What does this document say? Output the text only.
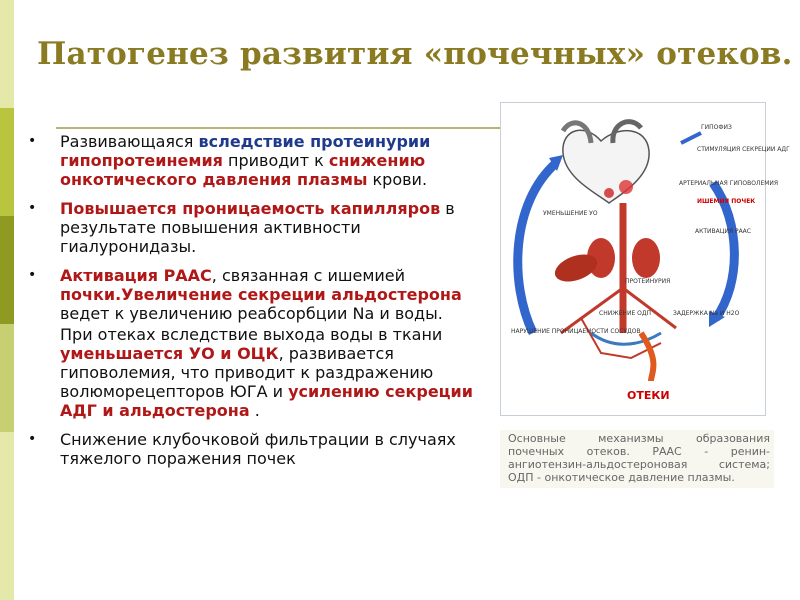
Патогенез развития «почечных» отеков.
•	Развивающаяся вследствие протеинурии гипопротеинемия приводит к снижению онкотического давления плазмы крови.
•	Повышается проницаемость капилляров в результате повышения активности гиалуронидазы.
•	Активация РААС, связанная с ишемией почки.Увеличение секреции альдостерона ведет к увеличению реабсорбции Na и воды.
При отеках вследствие выхода воды в ткани уменьшается УО и ОЦК, развивается гиповолемия, что приводит к раздражению волюморецепторов ЮГА и усилению секреции АДГ и альдостерона .
•	Снижение клубочковой фильтрации в случаях тяжелого поражения почек
ГИПОФИЗ
СТИМУЛЯЦИЯ СЕКРЕЦИИ АДГ
АРТЕРИАЛЬНАЯ ГИПОВОЛЕМИЯ
ИШЕМИЯ ПОЧЕК
УМЕНЬШЕНИЕ УО
АКТИВАЦИЯ РААС
ПРОТЕИНУРИЯ
СНИЖЕНИЕ ОДП	ЗАДЕРЖКА Na И H2O
НАРУШЕНИЕ ПРОНИЦАЕМОСТИ СОСУДОВ
ОТЕКИ

Основные механизмы образования почечных отеков. РААС - ренин-ангиотензин-альдостероновая система; ОДП - онкотическое давление плазмы.
